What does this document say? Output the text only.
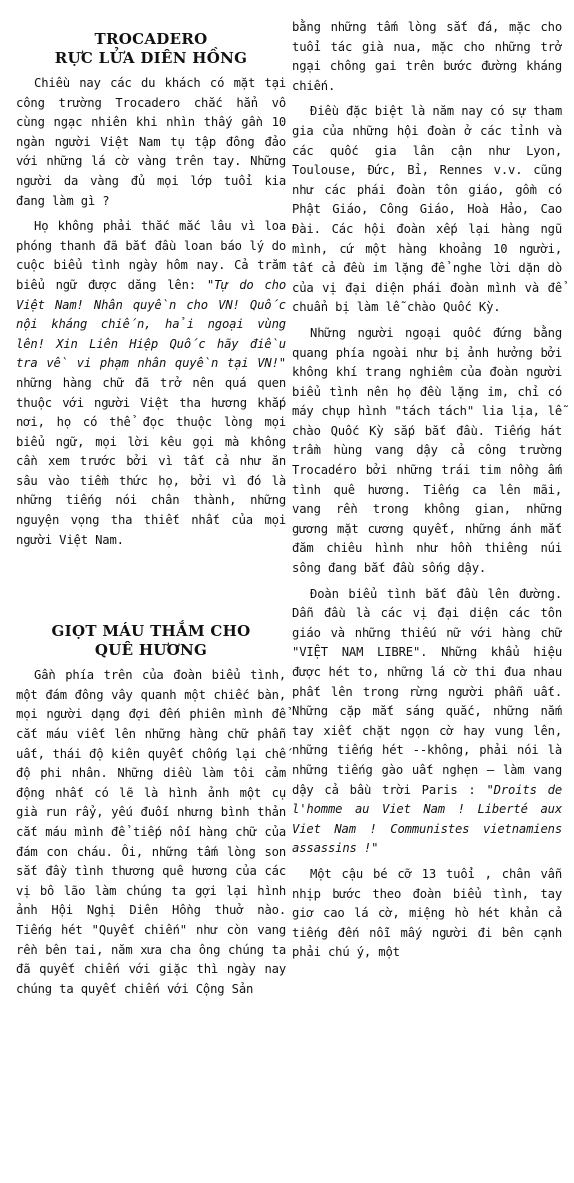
TROCADERO
RỰC LỬA DIÊN HỒNG

Chiều nay các du khách có mặt tại công trường Trocadero chắc hẳn vô cùng ngạc nhiên khi nhìn thấy gần 10 ngàn người Việt Nam tụ tập đông đảo với những lá cờ vàng trên tay. Những người da vàng đủ mọi lớp tuổi kia đang làm gì ?

Họ không phải thắc mắc lâu vì loa phóng thanh đã bắt đầu loan báo lý do cuộc biểu tình ngày hôm nay. Cả trăm biểu ngữ được dăng lên: "Tự do cho Việt Nam! Nhân quyền cho VN! Quốc nội kháng chiến, hải ngoại vùng lên! Xin Liên Hiệp Quốc hãy điều tra về vi phạm nhân quyền tại VN!" những hàng chữ đã trở nên quá quen thuộc với người Việt tha hương khắp nơi, họ có thể đọc thuộc lòng mọi biểu ngữ, mọi lời kêu gọi mà không cần xem trước bởi vì tất cả như ăn sâu vào tiềm thức họ, bởi vì đó là những tiếng nói chân thành, những nguyện vọng tha thiết nhất của mọi người Việt Nam.

GIỌT MÁU THẮM CHO
QUÊ HƯƠNG

Gần phía trên của đoàn biểu tình, một đám đông vây quanh một chiếc bàn, mọi người dạng đợi đến phiên mình để cắt máu viết lên những hàng chữ phẫn uất, thái độ kiên quyết chống lại chế độ phi nhân. Những diều làm tôi cảm động nhất có lẽ là hình ảnh một cụ già run rẩy, yếu đuối nhưng bình thản cắt máu mình để tiếp nối hàng chữ của đám con cháu. Ôi, những tấm lòng son sắt đầy tình thương quê hương của các vị bô lão làm chúng ta gợi lại hình ảnh Hội Nghị Diên Hồng thuở nào. Tiếng hét "Quyết chiến" như còn vang rền bên tai, năm xưa cha ông chúng ta đã quyết chiến với giặc thì ngày nay chúng ta quyết chiến với Cộng Sản

bằng những tấm lòng sắt đá, mặc cho tuổi tác già nua, mặc cho những trở ngại chông gai trên bước đường kháng chiến.

Điều đặc biệt là năm nay có sự tham gia của những hội đoàn ở các tỉnh và các quốc gia lân cận như Lyon, Toulouse, Đức, Bỉ, Rennes v.v. cũng như các phái đoàn tôn giáo, gồm có Phật Giáo, Công Giáo, Hoà Hảo, Cao Đài. Các hội đoàn xếp lại hàng ngũ mình, cứ một hàng khoảng 10 người, tất cả đều im lặng để nghe lời dặn dò của vị đại diện phái đoàn mình và để chuẩn bị làm lễ chào Quốc Kỳ.

Những người ngoại quốc đứng bằng quang phía ngoài như bị ảnh hưởng bởi không khí trang nghiêm của đoàn người biểu tình nên họ đều lặng im, chỉ có máy chụp hình "tách tách" lia lịa, lễ chào Quốc Kỳ sắp bắt đầu. Tiếng hát trầm hùng vang dậy cả công trường Trocadéro bởi những trái tim nồng ấm tình quê hương. Tiếng ca lên mãi, vang rền trong không gian, những gương mặt cương quyết, những ánh mắt đăm chiêu hình như hồn thiêng núi sông đang bắt đầu sống dậy.

Đoàn biểu tình bắt đầu lên đường. Dẫn đầu là các vị đại diện các tôn giáo và những thiếu nữ với hàng chữ "VIỆT NAM LIBRE". Những khẩu hiệu được hét to, những lá cờ thi đua nhau phất lên trong rừng người phẫn uất. Những cặp mắt sáng quắc, những nắm tay xiết chặt ngọn cờ hay vung lên, những tiếng hét --không, phải nói là những tiếng gào uất nghẹn — làm vang dậy cả bầu trời Paris : "Droits de l'homme au Viet Nam ! Liberté aux Viet Nam ! Communistes vietnamiens assassins !"

Một cậu bé cỡ 13 tuổi , chân vẫn nhịp bước theo đoàn biểu tình, tay giơ cao lá cờ, miệng hò hét khản cả tiếng đến nỗi mấy người đi bên cạnh phải chú ý, một
